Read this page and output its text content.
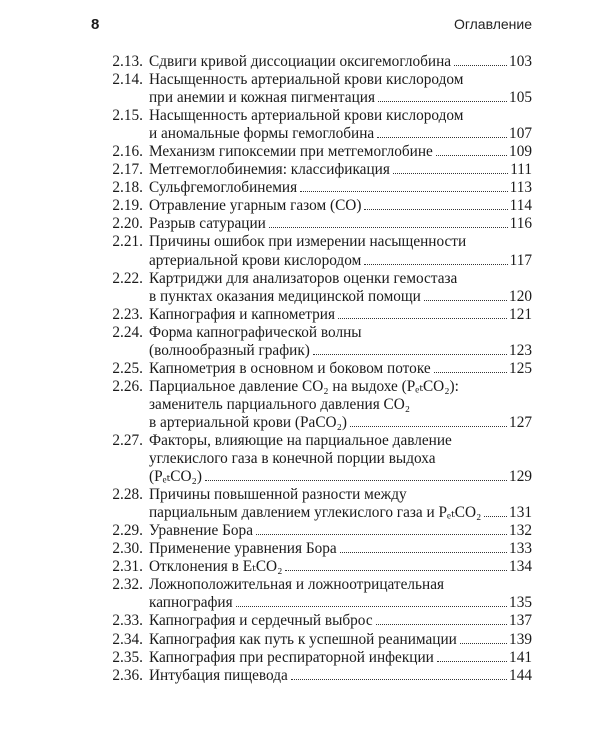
8	Оглавление
2.13. Сдвиги кривой диссоциации оксигемоглобина	103
2.14. Насыщенность артериальной крови кислородом
при анемии и кожная пигментация	105
2.15. Насыщенность артериальной крови кислородом
и аномальные формы гемоглобина	107
2.16. Механизм гипоксемии при метгемоглобине	109
2.17. Метгемоглобинемия: классификация	111
2.18. Сульфгемоглобинемия	113
2.19. Отравление угарным газом (CO)	114
2.20. Разрыв сатурации	116
2.21. Причины ошибок при измерении насыщенности
артериальной крови кислородом	117
2.22. Картриджи для анализаторов оценки гемостаза
в пунктах оказания медицинской помощи	120
2.23. Капнография и капнометрия	121
2.24. Форма капнографической волны
(волнообразный график)	123
2.25. Капнометрия в основном и боковом потоке	125
2.26. Парциальное давление CO₂ на выдохе (PₑₜCO₂):
заменитель парциального давления CO₂
в артериальной крови (PaCO₂)	127
2.27. Факторы, влияющие на парциальное давление
углекислого газа в конечной порции выдоха
(PₑₜCO₂)	129
2.28. Причины повышенной разности между
парциальным давлением углекислого газа и PₑₜCO₂ 131
2.29. Уравнение Бора	132
2.30. Применение уравнения Бора	133
2.31. Отклонения в EₜCO₂	134
2.32. Ложноположительная и ложноотрицательная
капнография	135
2.33. Капнография и сердечный выброс	137
2.34. Капнография как путь к успешной реанимации	139
2.35. Капнография при респираторной инфекции	141
2.36. Интубация пищевода	144
